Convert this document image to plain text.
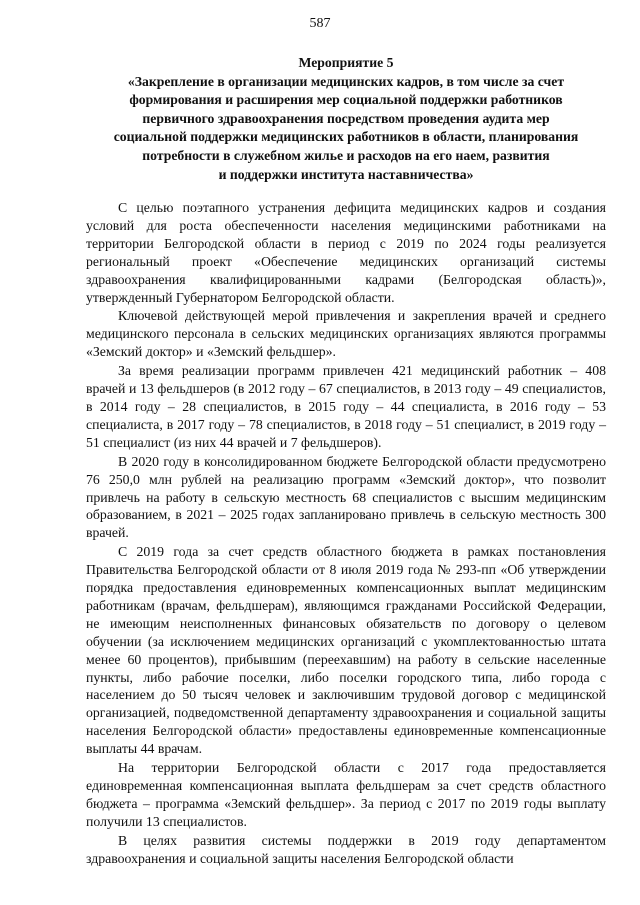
587
Мероприятие 5
«Закрепление в организации медицинских кадров, в том числе за счет
формирования и расширения мер социальной поддержки работников
первичного здравоохранения посредством проведения аудита мер
социальной поддержки медицинских работников в области, планирования
потребности в служебном жилье и расходов на его наем, развития
и поддержки института наставничества»

С целью поэтапного устранения дефицита медицинских кадров и создания условий для роста обеспеченности населения медицинскими работниками на территории Белгородской области в период с 2019 по 2024 годы реализуется региональный проект «Обеспечение медицинских организаций системы здравоохранения квалифицированными кадрами (Белгородская область)», утвержденный Губернатором Белгородской области.

Ключевой действующей мерой привлечения и закрепления врачей и среднего медицинского персонала в сельских медицинских организациях являются программы «Земский доктор» и «Земский фельдшер».

За время реализации программ привлечен 421 медицинский работник – 408 врачей и 13 фельдшеров (в 2012 году – 67 специалистов, в 2013 году – 49 специалистов, в 2014 году – 28 специалистов, в 2015 году – 44 специалиста, в 2016 году – 53 специалиста, в 2017 году – 78 специалистов, в 2018 году – 51 специалист, в 2019 году –51 специалист (из них 44 врачей и 7 фельдшеров).

В 2020 году в консолидированном бюджете Белгородской области предусмотрено 76 250,0 млн рублей на реализацию программ «Земский доктор», что позволит привлечь на работу в сельскую местность 68 специалистов с высшим медицинским образованием, в 2021 – 2025 годах запланировано привлечь в сельскую местность 300 врачей.

С 2019 года за счет средств областного бюджета в рамках постановления Правительства Белгородской области от 8 июля 2019 года № 293-пп «Об утверждении порядка предоставления единовременных компенсационных выплат медицинским работникам (врачам, фельдшерам), являющимся гражданами Российской Федерации, не имеющим неисполненных финансовых обязательств по договору о целевом обучении (за исключением медицинских организаций с укомплектованностью штата менее 60 процентов), прибывшим (переехавшим) на работу в сельские населенные пункты, либо рабочие поселки, либо поселки городского типа, либо города с населением до 50 тысяч человек и заключившим трудовой договор с медицинской организацией, подведомственной департаменту здравоохранения и социальной защиты населения Белгородской области» предоставлены единовременные компенсационные выплаты 44 врачам.

На территории Белгородской области с 2017 года предоставляется единовременная компенсационная выплата фельдшерам за счет средств областного бюджета – программа «Земский фельдшер». За период с 2017 по 2019 годы выплату получили 13 специалистов.

В целях развития системы поддержки в 2019 году департаментом здравоохранения и социальной защиты населения Белгородской области
